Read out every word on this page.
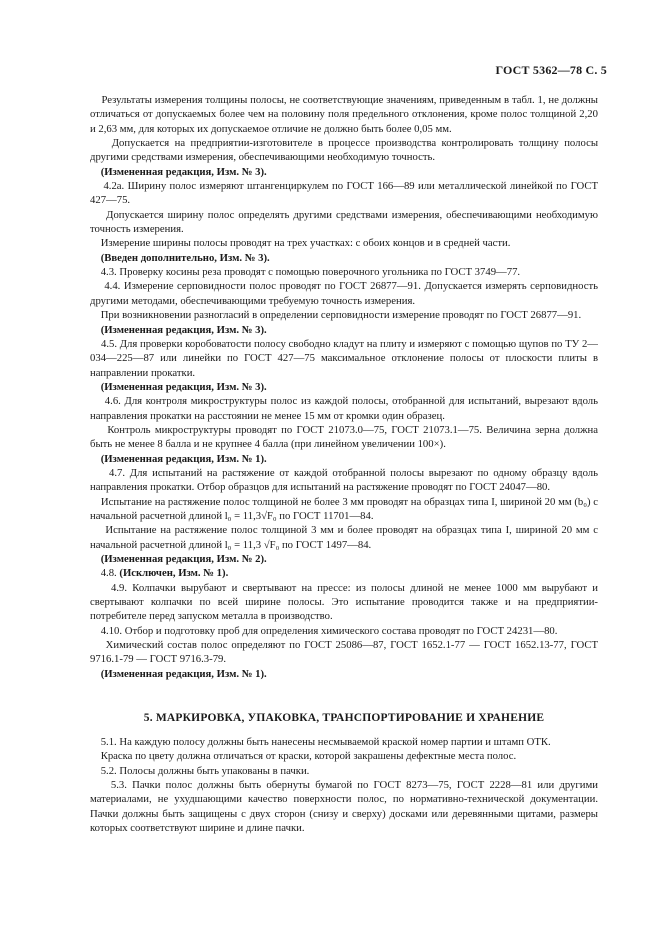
ГОСТ 5362—78 С. 5

Результаты измерения толщины полосы, не соответствующие значениям, приведенным в табл. 1, не должны отличаться от допускаемых более чем на половину поля предельного отклонения, кроме полос толщиной 2,20 и 2,63 мм, для которых их допускаемое отличие не должно быть более 0,05 мм.

Допускается на предприятии-изготовителе в процессе производства контролировать толщину полосы другими средствами измерения, обеспечивающими необходимую точность.

(Измененная редакция, Изм. № 3).

4.2а. Ширину полос измеряют штангенциркулем по ГОСТ 166—89 или металлической линейкой по ГОСТ 427—75.

Допускается ширину полос определять другими средствами измерения, обеспечивающими необходимую точность измерения.

Измерение ширины полосы проводят на трех участках: с обоих концов и в средней части.

(Введен дополнительно, Изм. № 3).

4.3. Проверку косины реза проводят с помощью поверочного угольника по ГОСТ 3749—77.

4.4. Измерение серповидности полос проводят по ГОСТ 26877—91. Допускается измерять серповидность другими методами, обеспечивающими требуемую точность измерения.

При возникновении разногласий в определении серповидности измерение проводят по ГОСТ 26877—91.

(Измененная редакция, Изм. № 3).

4.5. Для проверки коробоватости полосу свободно кладут на плиту и измеряют с помощью щупов по ТУ 2—034—225—87 или линейки по ГОСТ 427—75 максимальное отклонение полосы от плоскости плиты в направлении прокатки.

(Измененная редакция, Изм. № 3).

4.6. Для контроля микроструктуры полос из каждой полосы, отобранной для испытаний, вырезают вдоль направления прокатки на расстоянии не менее 15 мм от кромки один образец.

Контроль микроструктуры проводят по ГОСТ 21073.0—75, ГОСТ 21073.1—75. Величина зерна должна быть не менее 8 балла и не крупнее 4 балла (при линейном увеличении 100×).

(Измененная редакция, Изм. № 1).

4.7. Для испытаний на растяжение от каждой отобранной полосы вырезают по одному образцу вдоль направления прокатки. Отбор образцов для испытаний на растяжение проводят по ГОСТ 24047—80.

Испытание на растяжение полос толщиной не более 3 мм проводят на образцах типа I, шириной 20 мм (b₀) с начальной расчетной длиной l₀ = 11,3√F₀ по ГОСТ 11701—84.

Испытание на растяжение полос толщиной 3 мм и более проводят на образцах типа I, шириной 20 мм с начальной расчетной длиной l₀ = 11,3 √F₀ по ГОСТ 1497—84.

(Измененная редакция, Изм. № 2).

4.8. (Исключен, Изм. № 1).

4.9. Колпачки вырубают и свертывают на прессе: из полосы длиной не менее 1000 мм вырубают и свертывают колпачки по всей ширине полосы. Это испытание проводится также и на предприятии-потребителе перед запуском металла в производство.

4.10. Отбор и подготовку проб для определения химического состава проводят по ГОСТ 24231—80.

Химический состав полос определяют по ГОСТ 25086—87, ГОСТ 1652.1-77 — ГОСТ 1652.13-77, ГОСТ 9716.1-79 — ГОСТ 9716.3-79.

(Измененная редакция, Изм. № 1).

5. МАРКИРОВКА, УПАКОВКА, ТРАНСПОРТИРОВАНИЕ И ХРАНЕНИЕ

5.1. На каждую полосу должны быть нанесены несмываемой краской номер партии и штамп ОТК.

Краска по цвету должна отличаться от краски, которой закрашены дефектные места полос.

5.2. Полосы должны быть упакованы в пачки.

5.3. Пачки полос должны быть обернуты бумагой по ГОСТ 8273—75, ГОСТ 2228—81 или другими материалами, не ухудшающими качество поверхности полос, по нормативно-технической документации. Пачки должны быть защищены с двух сторон (снизу и сверху) досками или деревянными щитами, размеры которых соответствуют ширине и длине пачки.
